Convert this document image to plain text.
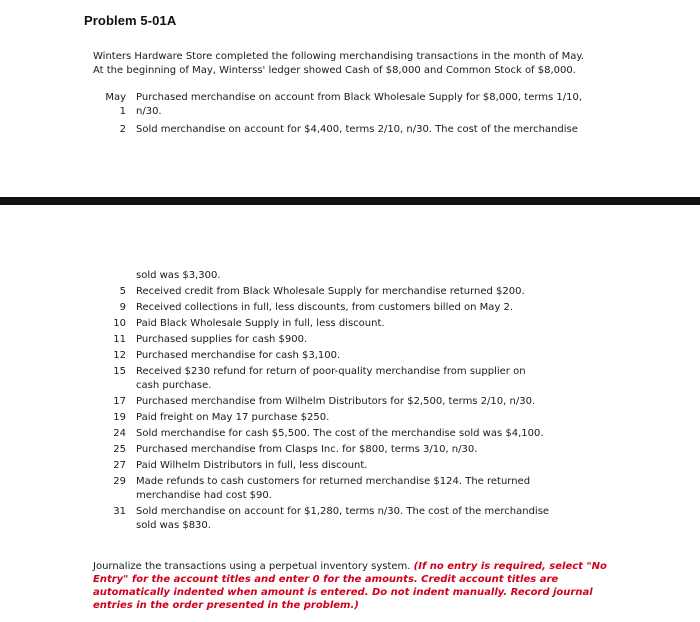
Problem 5-01A
Winters Hardware Store completed the following merchandising transactions in the month of May.
At the beginning of May, Winterss' ledger showed Cash of $8,000 and Common Stock of $8,000.
May	Purchased merchandise on account from Black Wholesale Supply for $8,000, terms 1/10,
1	n/30.
2	Sold merchandise on account for $4,400, terms 2/10, n/30. The cost of the merchandise
sold was $3,300.
5	Received credit from Black Wholesale Supply for merchandise returned $200.
9	Received collections in full, less discounts, from customers billed on May 2.
10	Paid Black Wholesale Supply in full, less discount.
11	Purchased supplies for cash $900.
12	Purchased merchandise for cash $3,100.
15	Received $230 refund for return of poor-quality merchandise from supplier on cash purchase.
17	Purchased merchandise from Wilhelm Distributors for $2,500, terms 2/10, n/30.
19	Paid freight on May 17 purchase $250.
24	Sold merchandise for cash $5,500. The cost of the merchandise sold was $4,100.
25	Purchased merchandise from Clasps Inc. for $800, terms 3/10, n/30.
27	Paid Wilhelm Distributors in full, less discount.
29	Made refunds to cash customers for returned merchandise $124. The returned merchandise had cost $90.
31	Sold merchandise on account for $1,280, terms n/30. The cost of the merchandise sold was $830.
Journalize the transactions using a perpetual inventory system. (If no entry is required, select "No Entry" for the account titles and enter 0 for the amounts. Credit account titles are automatically indented when amount is entered. Do not indent manually. Record journal entries in the order presented in the problem.)
